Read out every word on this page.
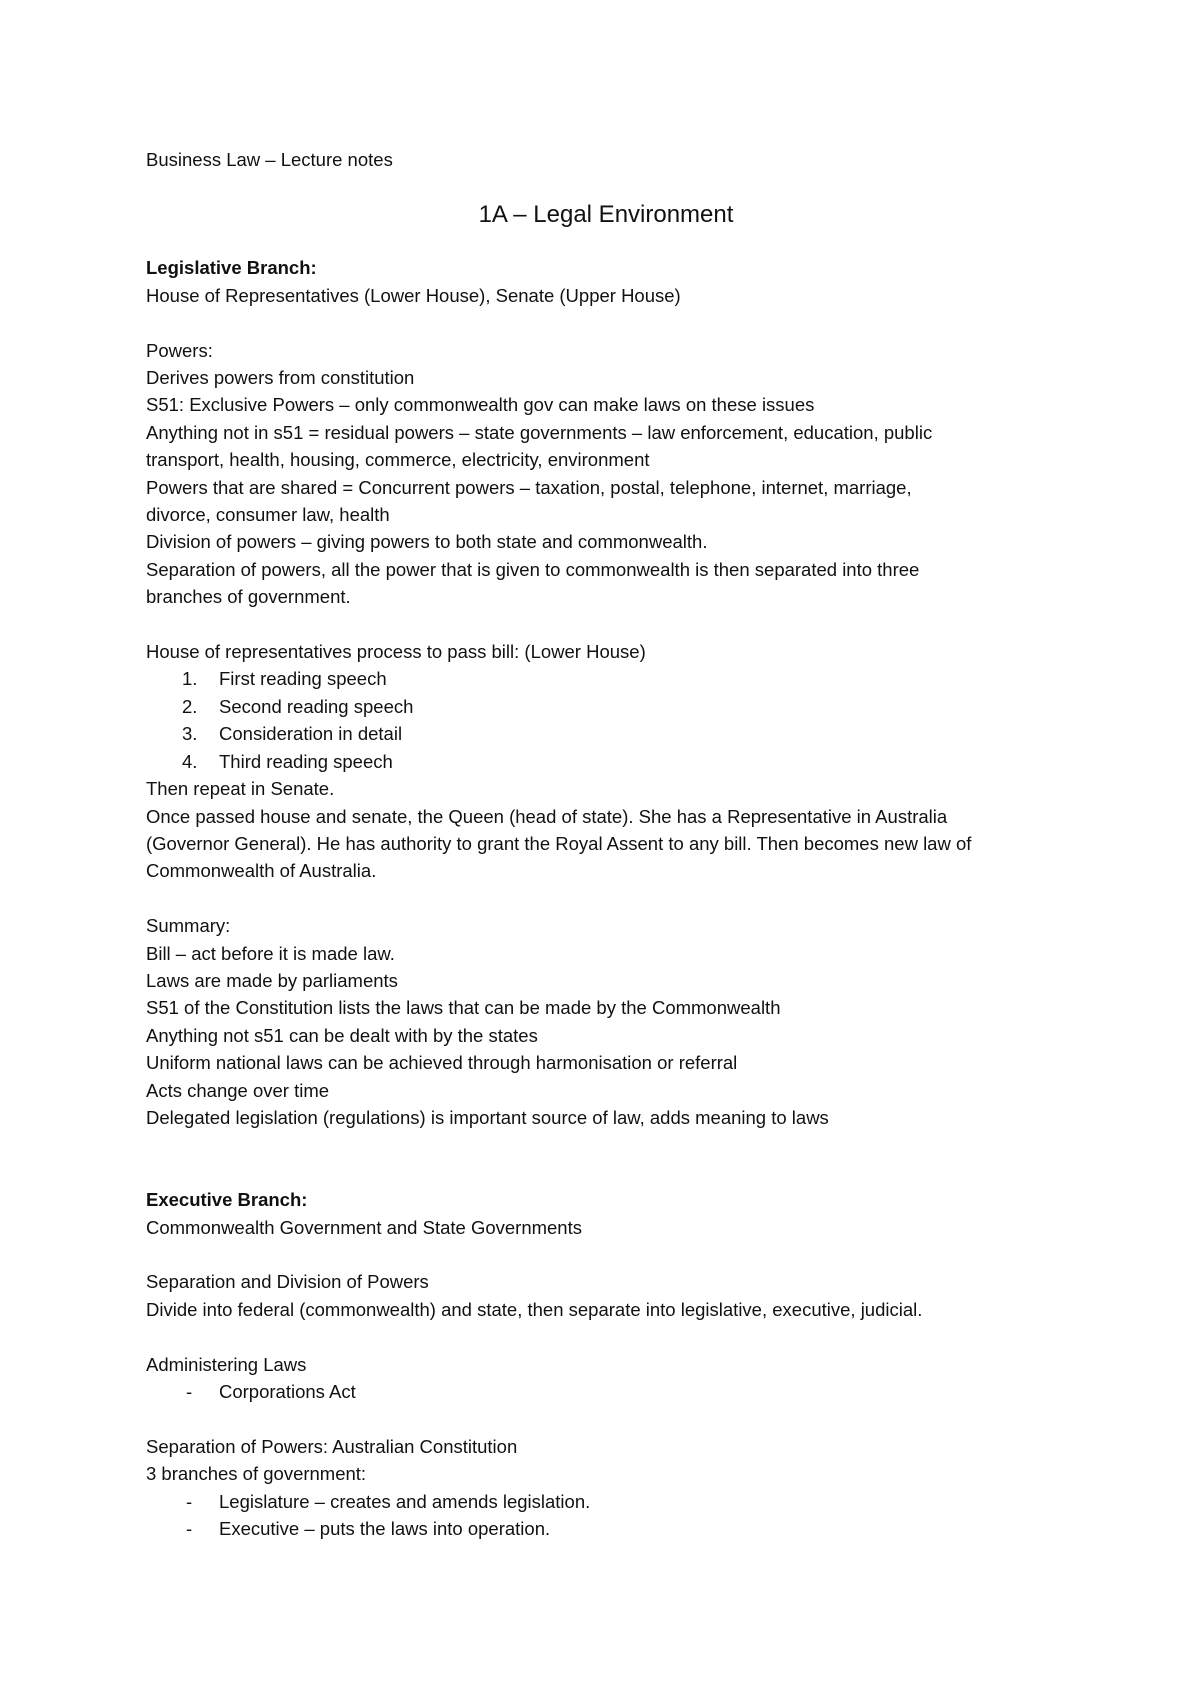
Business Law – Lecture notes

1A – Legal Environment

Legislative Branch:

House of Representatives (Lower House), Senate (Upper House)

Powers:

Derives powers from constitution

S51: Exclusive Powers – only commonwealth gov can make laws on these issues

Anything not in s51 = residual powers – state governments – law enforcement, education, public

transport, health, housing, commerce, electricity, environment

Powers that are shared = Concurrent powers – taxation, postal, telephone, internet, marriage,

divorce, consumer law, health

Division of powers – giving powers to both state and commonwealth.

Separation of powers, all the power that is given to commonwealth is then separated into three

branches of government.

House of representatives process to pass bill: (Lower House)

1. First reading speech
2. Second reading speech
3. Consideration in detail
4. Third reading speech

Then repeat in Senate.

Once passed house and senate, the Queen (head of state). She has a Representative in Australia

(Governor General). He has authority to grant the Royal Assent to any bill. Then becomes new law of

Commonwealth of Australia.

Summary:

Bill – act before it is made law.

Laws are made by parliaments

S51 of the Constitution lists the laws that can be made by the Commonwealth

Anything not s51 can be dealt with by the states

Uniform national laws can be achieved through harmonisation or referral

Acts change over time

Delegated legislation (regulations) is important source of law, adds meaning to laws

Executive Branch:

Commonwealth Government and State Governments

Separation and Division of Powers

Divide into federal (commonwealth) and state, then separate into legislative, executive, judicial.

Administering Laws

- Corporations Act

Separation of Powers: Australian Constitution

3 branches of government:

- Legislature – creates and amends legislation.
- Executive – puts the laws into operation.
